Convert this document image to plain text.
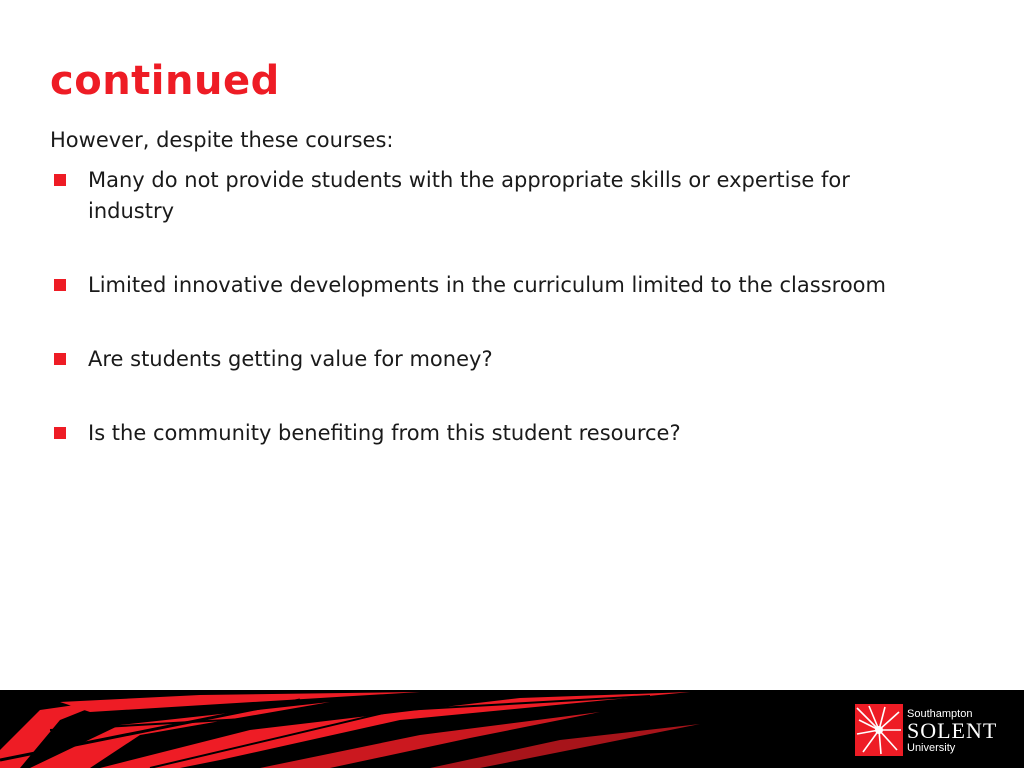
continued

However, despite these courses:

Many do not provide students with the appropriate skills or expertise for industry
Limited innovative developments in the curriculum limited to the classroom
Are students getting value for money?
Is the community benefiting from this student resource?
Southampton
SOLENT
University
